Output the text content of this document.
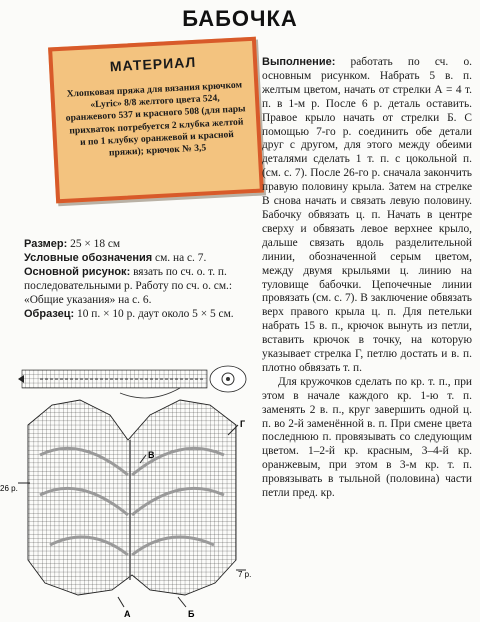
БАБОЧКА
МАТЕРИАЛ
Хлопковая пряжа для вязания крючком «Lyric» 8/8 желтого цвета 524, оранжевого 537 и красного 508 (для пары прихваток потребуется 2 клубка желтой и по 1 клубку оранжевой и красной пряжи); крючок № 3,5

Выполнение: работать по сч. о. основным рисунком. Набрать 5 в. п. желтым цветом, начать от стрелки А = 4 т. п. в 1-м р. После 6 р. деталь оставить. Правое крыло начать от стрелки Б. С помощью 7-го р. соединить обе детали друг с другом, для этого между обеими деталями сделать 1 т. п. с цокольной п. (см. с. 7). После 26-го р. сначала закончить правую половину крыла. Затем на стрелке В снова начать и связать левую половину. Бабочку обвязать ц. п. Начать в центре сверху и обвязать левое верхнее крыло, дальше связать вдоль разделительной линии, обозначенной серым цветом, между двумя крыльями ц. линию на туловище бабочки. Цепочечные линии провязать (см. с. 7). В заключение обвязать верх правого крыла ц. п. Для петельки набрать 15 в. п., крючок вынуть из петли, вставить крючок в точку, на которую указывает стрелка Г, петлю достать и в. п. плотно обвязать т. п.

Для кружочков сделать по кр. т. п., при этом в начале каждого кр. 1-ю т. п. заменять 2 в. п., круг завершить одной ц. п. во 2-й заменённой в. п. При смене цвета последнюю п. провязывать со следующим цветом. 1–2-й кр. красным, 3–4-й кр. оранжевым, при этом в 3-м кр. т. п. провязывать в тыльной (половина) части петли пред. кр.

Размер: 25 × 18 см

Условные обозначения см. на с. 7.

Основной рисунок: вязать по сч. о. т. п. последовательными р. Работу по сч. о. см.: «Общие указания» на с. 6.

Образец: 10 п. × 10 р. даут около 5 × 5 см.

26 р.
7 р.
А	Б
В
Г
